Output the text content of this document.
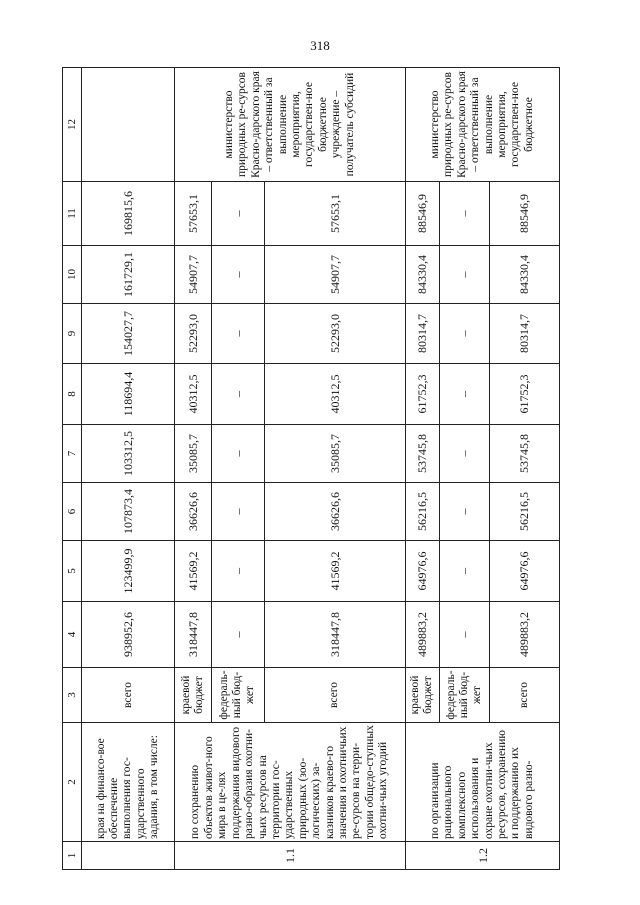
318
1	2	3	4	5	6	7	8	9	10	11	12
	края на финансо-вое обеспечение выполнения гос-ударственного задания, в том числе:	всего	938952,6	123499,9	107873,4	103312,5	118694,4	154027,7	161729,1	169815,6	
1.1	по сохранению объектов живот-ного мира в це-лях поддержания видового разно-образия охотни-чьих ресурсов на территории гос-ударственных природных (зоо-логических) за-казников краево-го значения и охотничьих ре-сурсов на терри-тории общедо-ступных охотни-чьих угодий	краевой бюджет	318447,8	41569,2	36626,6	35085,7	40312,5	52293,0	54907,7	57653,1	министерство природных ре-сурсов Красно-дарского края – ответственный за выполнение мероприятия, государствен-ное бюджетное учреждение – получатель субсидий
		федераль-ный бюд-жет	–	–	–	–	–	–	–	–	
		всего	318447,8	41569,2	36626,6	35085,7	40312,5	52293,0	54907,7	57653,1	
1.2	по организации рационального комплексного использования и охране охотни-чьих ресурсов, сохранению и поддержанию их видового разно-	краевой бюджет	489883,2	64976,6	56216,5	53745,8	61752,3	80314,7	84330,4	88546,9	министерство природных ре-сурсов Красно-дарского края – ответственный за выполнение мероприятия, государствен-ное бюджетное
		федераль-ный бюд-жет	–	–	–	–	–	–	–	–	
		всего	489883,2	64976,6	56216,5	53745,8	61752,3	80314,7	84330,4	88546,9	
